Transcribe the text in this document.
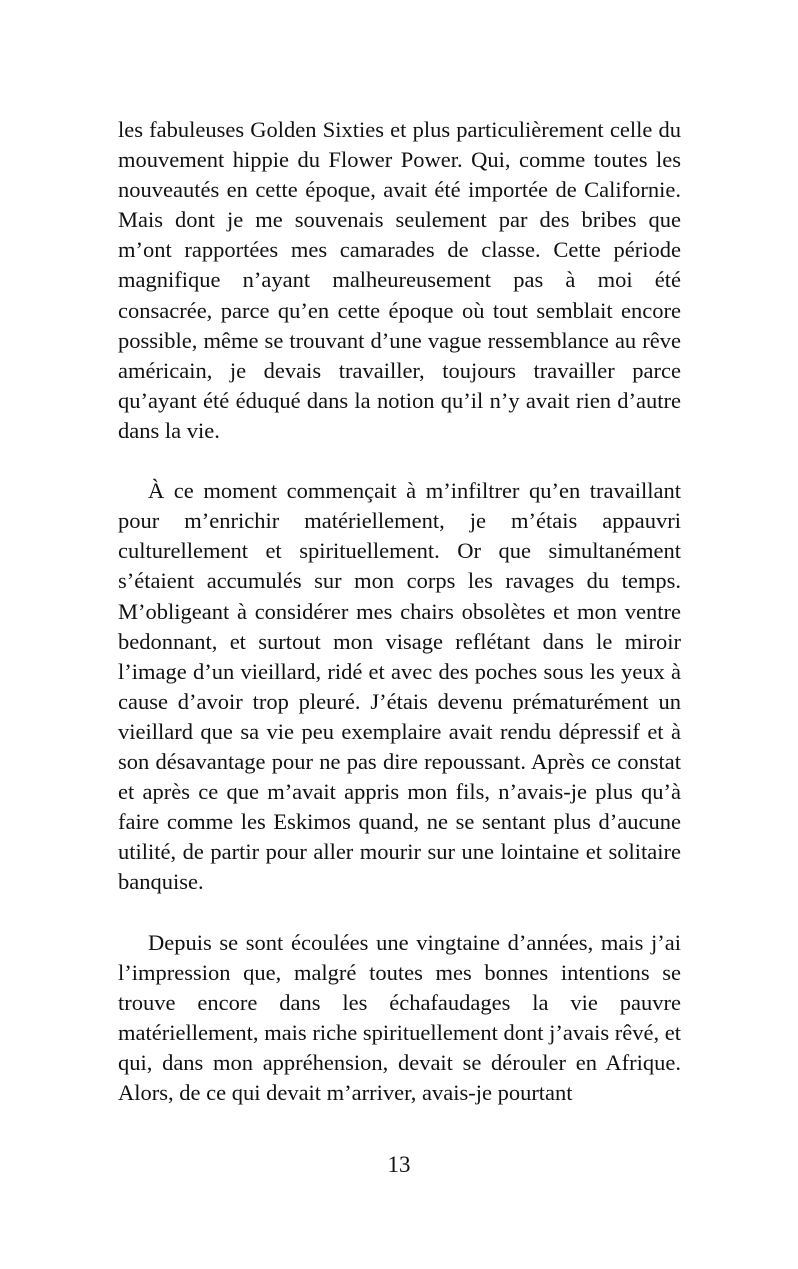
les fabuleuses Golden Sixties et plus particulièrement celle du mouvement hippie du Flower Power. Qui, comme toutes les nouveautés en cette époque, avait été importée de Californie. Mais dont je me souvenais seulement par des bribes que m’ont rapportées mes camarades de classe. Cette période magnifique n’ayant malheureusement pas à moi été consacrée, parce qu’en cette époque où tout semblait encore possible, même se trouvant d’une vague ressemblance au rêve américain, je devais travailler, toujours travailler parce qu’ayant été éduqué dans la notion qu’il n’y avait rien d’autre dans la vie.

À ce moment commençait à m’infiltrer qu’en travaillant pour m’enrichir matériellement, je m’étais appauvri culturellement et spirituellement. Or que simultanément s’étaient accumulés sur mon corps les ravages du temps. M’obligeant à considérer mes chairs obsolètes et mon ventre bedonnant, et surtout mon visage reflétant dans le miroir l’image d’un vieillard, ridé et avec des poches sous les yeux à cause d’avoir trop pleuré. J’étais devenu prématurément un vieillard que sa vie peu exemplaire avait rendu dépressif et à son désavantage pour ne pas dire repoussant. Après ce constat et après ce que m’avait appris mon fils, n’avais-je plus qu’à faire comme les Eskimos quand, ne se sentant plus d’aucune utilité, de partir pour aller mourir sur une lointaine et solitaire banquise.

Depuis se sont écoulées une vingtaine d’années, mais j’ai l’impression que, malgré toutes mes bonnes intentions se trouve encore dans les échafaudages la vie pauvre matériellement, mais riche spirituellement dont j’avais rêvé, et qui, dans mon appréhension, devait se dérouler en Afrique. Alors, de ce qui devait m’arriver, avais-je pourtant

13
